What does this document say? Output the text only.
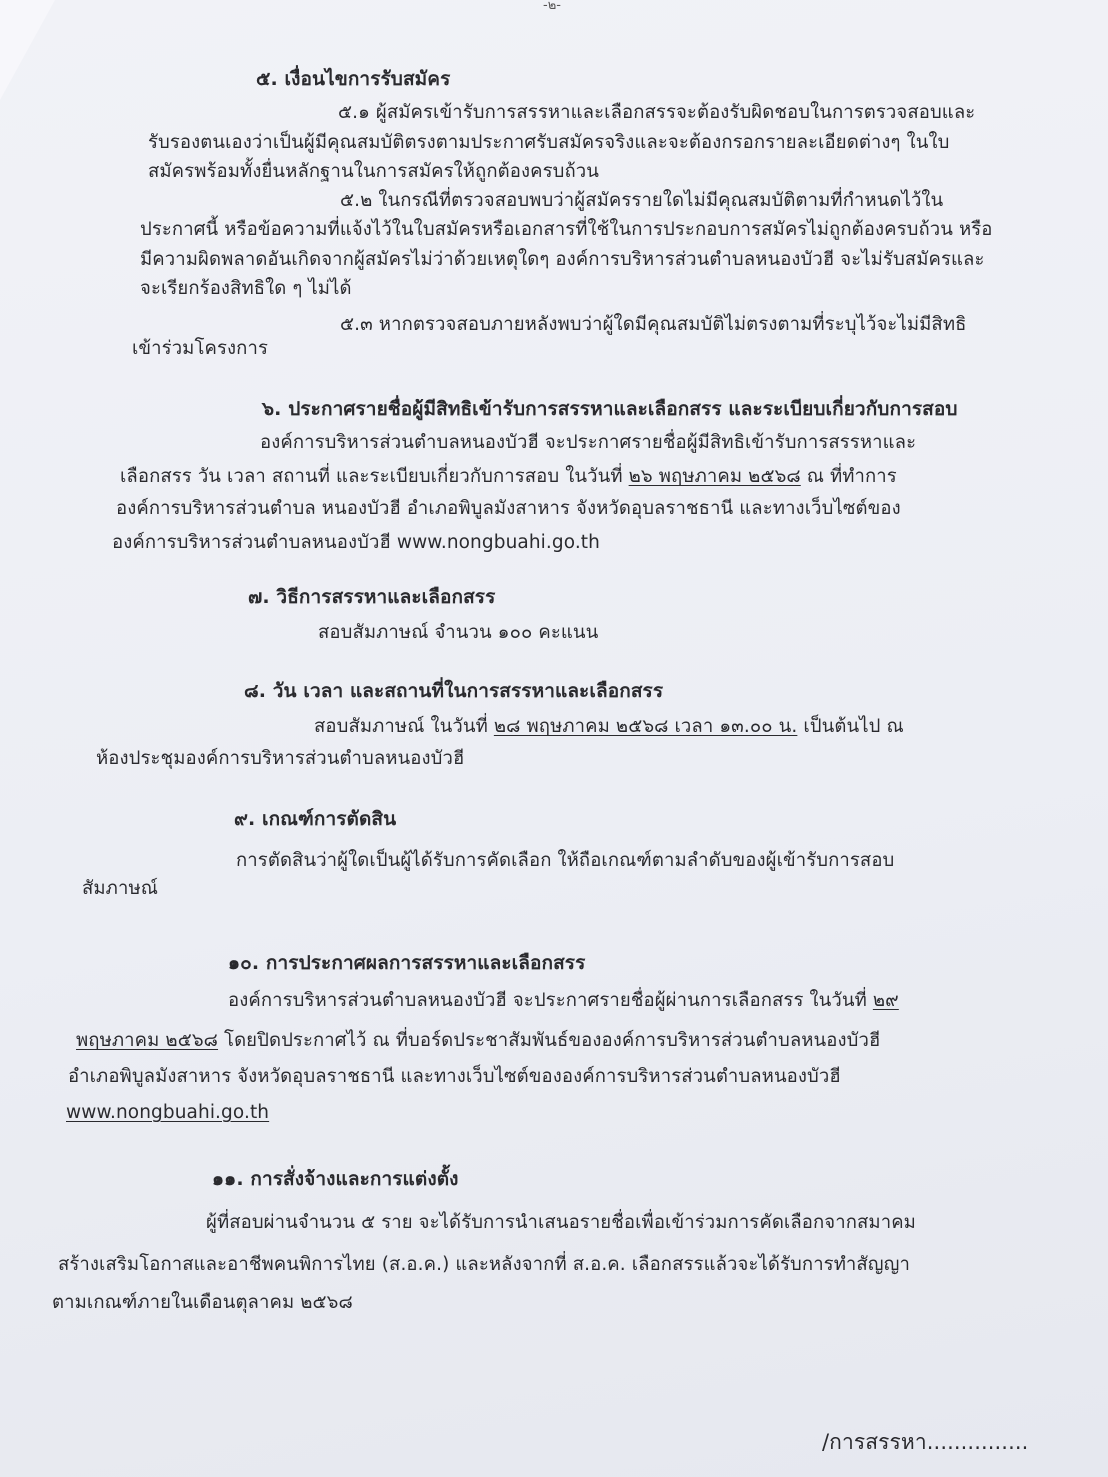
-๒-
๕. เงื่อนไขการรับสมัคร
๕.๑ ผู้สมัครเข้ารับการสรรหาและเลือกสรรจะต้องรับผิดชอบในการตรวจสอบและ
รับรองตนเองว่าเป็นผู้มีคุณสมบัติตรงตามประกาศรับสมัครจริงและจะต้องกรอกรายละเอียดต่างๆ ในใบ
สมัครพร้อมทั้งยื่นหลักฐานในการสมัครให้ถูกต้องครบถ้วน
๕.๒ ในกรณีที่ตรวจสอบพบว่าผู้สมัครรายใดไม่มีคุณสมบัติตามที่กำหนดไว้ใน
ประกาศนี้ หรือข้อความที่แจ้งไว้ในใบสมัครหรือเอกสารที่ใช้ในการประกอบการสมัครไม่ถูกต้องครบถ้วน หรือ
มีความผิดพลาดอันเกิดจากผู้สมัครไม่ว่าด้วยเหตุใดๆ องค์การบริหารส่วนตำบลหนองบัวฮี จะไม่รับสมัครและ
จะเรียกร้องสิทธิใด ๆ ไม่ได้
๕.๓ หากตรวจสอบภายหลังพบว่าผู้ใดมีคุณสมบัติไม่ตรงตามที่ระบุไว้จะไม่มีสิทธิ
เข้าร่วมโครงการ
๖. ประกาศรายชื่อผู้มีสิทธิเข้ารับการสรรหาและเลือกสรร และระเบียบเกี่ยวกับการสอบ
องค์การบริหารส่วนตำบลหนองบัวฮี จะประกาศรายชื่อผู้มีสิทธิเข้ารับการสรรหาและ
เลือกสรร วัน เวลา สถานที่ และระเบียบเกี่ยวกับการสอบ ในวันที่ ๒๖ พฤษภาคม ๒๕๖๘ ณ ที่ทำการ
องค์การบริหารส่วนตำบล หนองบัวฮี อำเภอพิบูลมังสาหาร จังหวัดอุบลราชธานี และทางเว็บไซต์ของ
องค์การบริหารส่วนตำบลหนองบัวฮี www.nongbuahi.go.th
๗. วิธีการสรรหาและเลือกสรร
สอบสัมภาษณ์ จำนวน ๑๐๐ คะแนน
๘. วัน เวลา และสถานที่ในการสรรหาและเลือกสรร
สอบสัมภาษณ์ ในวันที่ ๒๘ พฤษภาคม ๒๕๖๘ เวลา ๑๓.๐๐ น. เป็นต้นไป ณ
ห้องประชุมองค์การบริหารส่วนตำบลหนองบัวฮี
๙. เกณฑ์การตัดสิน
การตัดสินว่าผู้ใดเป็นผู้ได้รับการคัดเลือก ให้ถือเกณฑ์ตามลำดับของผู้เข้ารับการสอบ
สัมภาษณ์
๑๐. การประกาศผลการสรรหาและเลือกสรร
องค์การบริหารส่วนตำบลหนองบัวฮี จะประกาศรายชื่อผู้ผ่านการเลือกสรร ในวันที่ ๒๙
พฤษภาคม ๒๕๖๘ โดยปิดประกาศไว้ ณ ที่บอร์ดประชาสัมพันธ์ขององค์การบริหารส่วนตำบลหนองบัวฮี
อำเภอพิบูลมังสาหาร จังหวัดอุบลราชธานี และทางเว็บไซต์ขององค์การบริหารส่วนตำบลหนองบัวฮี
www.nongbuahi.go.th
๑๑. การสั่งจ้างและการแต่งตั้ง
ผู้ที่สอบผ่านจำนวน ๕ ราย จะได้รับการนำเสนอรายชื่อเพื่อเข้าร่วมการคัดเลือกจากสมาคม
สร้างเสริมโอกาสและอาชีพคนพิการไทย (ส.อ.ค.) และหลังจากที่ ส.อ.ค. เลือกสรรแล้วจะได้รับการทำสัญญา
ตามเกณฑ์ภายในเดือนตุลาคม ๒๕๖๘
/การสรรหา...............
